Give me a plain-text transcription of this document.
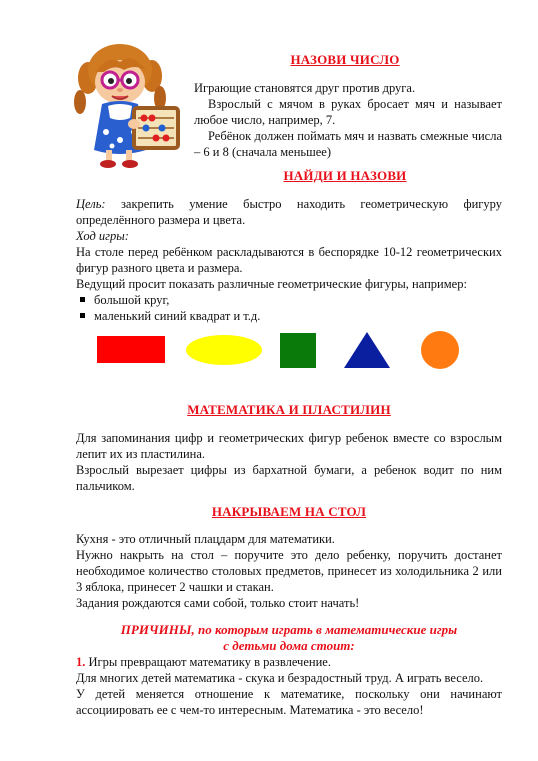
НАЗОВИ ЧИСЛО

Играющие становятся друг против друга.

Взрослый с мячом в руках бросает мяч и называет любое число, например, 7.

Ребёнок должен поймать мяч и назвать смежные числа – 6 и 8 (сначала меньшее)

НАЙДИ И НАЗОВИ

Цель: закрепить умение быстро находить геометрическую фигуру определённого размера и цвета.

Ход игры:

На столе перед ребёнком раскладываются в беспорядке 10-12 геометрических фигур разного цвета и размера.

Ведущий просит показать различные геометрические фигуры, например:

большой круг,
маленький синий квадрат и т.д.

МАТЕМАТИКА И ПЛАСТИЛИН

Для запоминания цифр и геометрических фигур ребенок вместе со взрослым лепит их из пластилина.

Взрослый вырезает цифры из бархатной бумаги, а ребенок водит по ним пальчиком.

НАКРЫВАЕМ НА СТОЛ

Кухня - это отличный плацдарм для математики.

Нужно накрыть на стол – поручите это дело ребенку, поручить достанет необходимое количество столовых предметов, принесет из холодильника 2 или 3 яблока, принесет 2 чашки и стакан.

Задания рождаются сами собой, только стоит начать!

ПРИЧИНЫ, по которым играть в математические игры

с детьми дома стоит:

1. Игры превращают математику в развлечение.

Для многих детей математика - скука и безрадостный труд. А играть весело.

У детей меняется отношение к математике, поскольку они начинают ассоциировать ее с чем-то интересным. Математика - это весело!
